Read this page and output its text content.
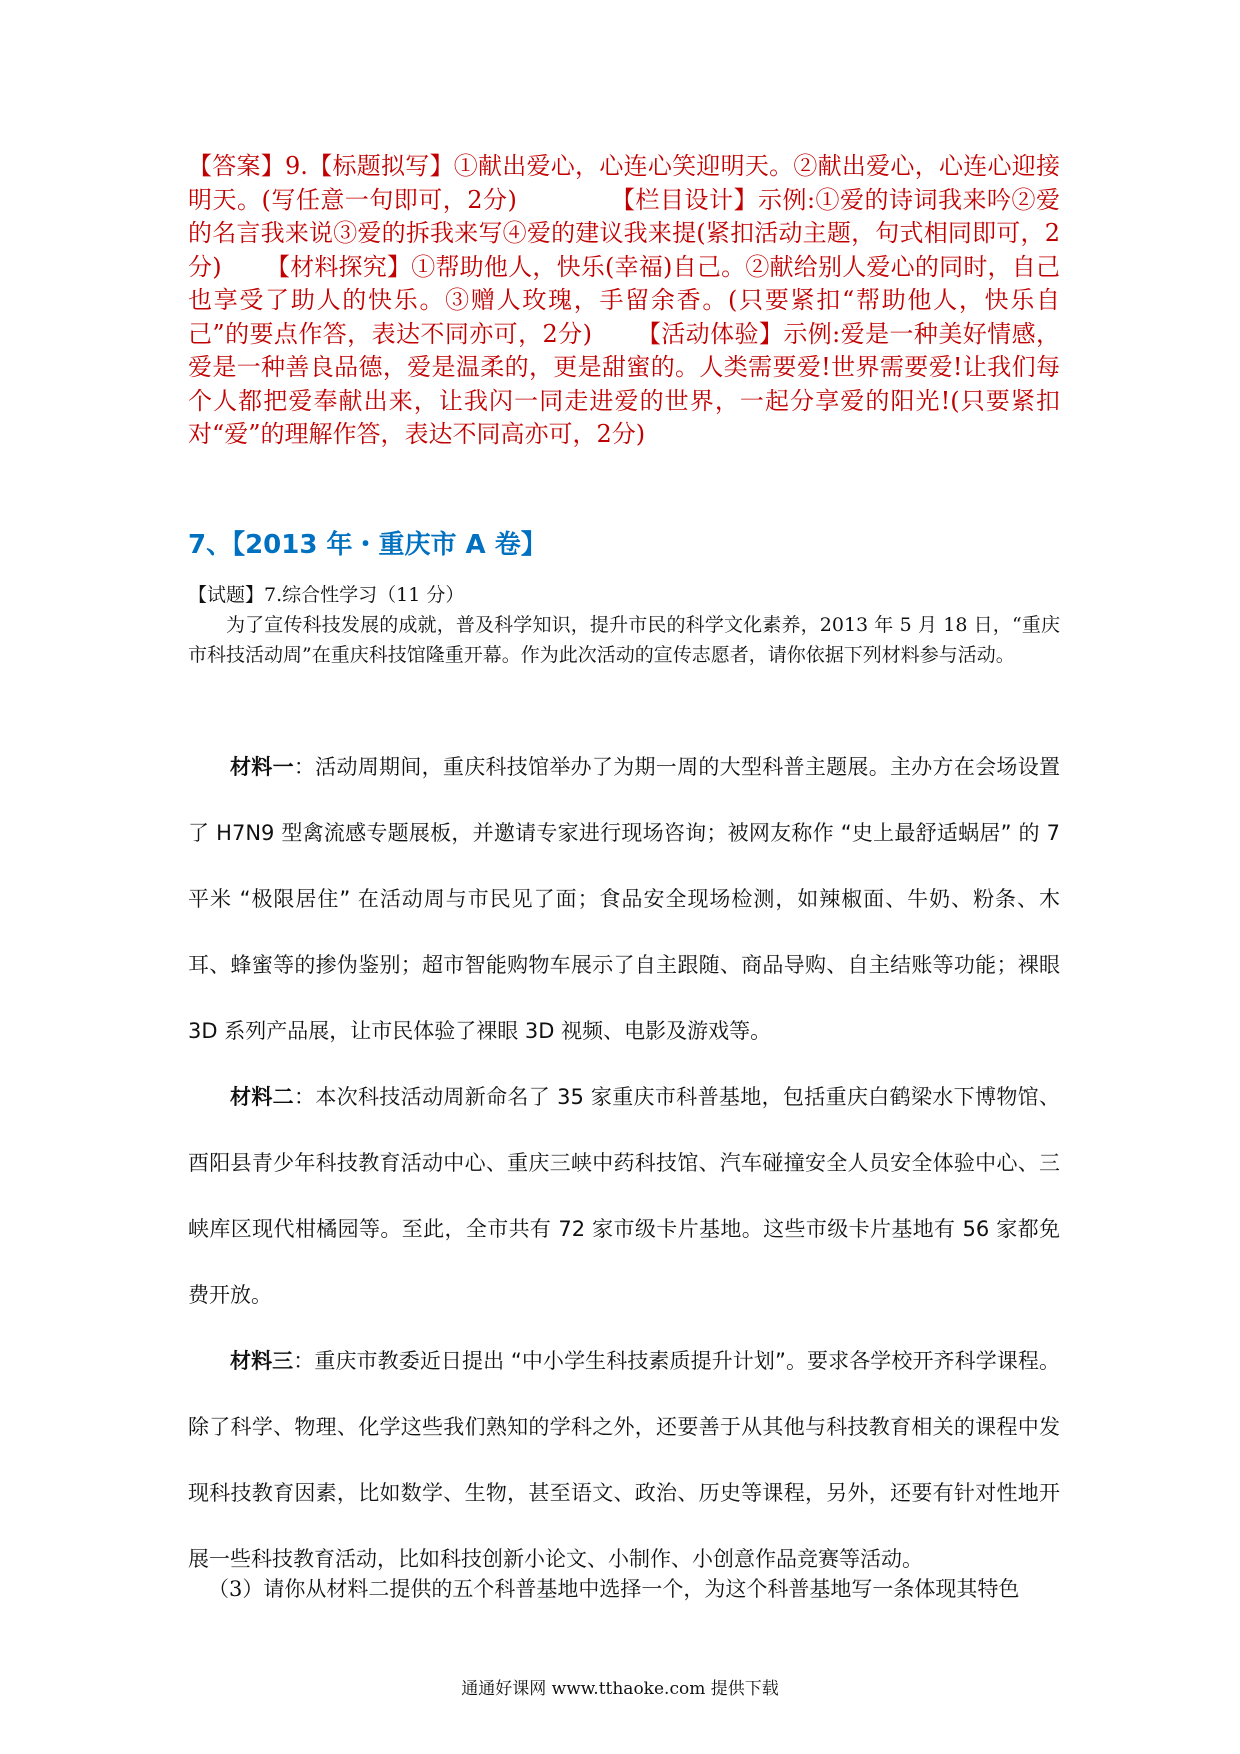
【答案】9.【标题拟写】①献出爱心，心连心笑迎明天。②献出爱心，心连心迎接明天。(写任意一句即可，2分) 　　　　【栏目设计】示例:①爱的诗词我来吟②爱的名言我来说③爱的拆我来写④爱的建议我来提(紧扣活动主题，句式相同即可，2分) 　　【材料探究】①帮助他人，快乐(幸福)自己。②献给别人爱心的同时，自己也享受了助人的快乐。③赠人玫瑰，手留余香。(只要紧扣“帮助他人，快乐自己”的要点作答，表达不同亦可，2分) 　　【活动体验】示例:爱是一种美好情感，爱是一种善良品德，爱是温柔的，更是甜蜜的。人类需要爱!世界需要爱!让我们每个人都把爱奉献出来，让我闪一同走进爱的世界，一起分享爱的阳光!(只要紧扣对“爱”的理解作答，表达不同高亦可，2分)

7、【2013 年・重庆市 A 卷】
【试题】7.综合性学习（11 分）
为了宣传科技发展的成就，普及科学知识，提升市民的科学文化素养，2013 年 5 月 18 日，“重庆市科技活动周”在重庆科技馆隆重开幕。作为此次活动的宣传志愿者，请你依据下列材料参与活动。

材料一：活动周期间，重庆科技馆举办了为期一周的大型科普主题展。主办方在会场设置了 H7N9 型禽流感专题展板，并邀请专家进行现场咨询；被网友称作 “史上最舒适蜗居” 的 7 平米 “极限居住” 在活动周与市民见了面；食品安全现场检测，如辣椒面、牛奶、粉条、木耳、蜂蜜等的掺伪鉴别；超市智能购物车展示了自主跟随、商品导购、自主结账等功能；裸眼 3D 系列产品展，让市民体验了裸眼 3D 视频、电影及游戏等。

材料二：本次科技活动周新命名了 35 家重庆市科普基地，包括重庆白鹤梁水下博物馆、酉阳县青少年科技教育活动中心、重庆三峡中药科技馆、汽车碰撞安全人员安全体验中心、三峡库区现代柑橘园等。至此，全市共有 72 家市级卡片基地。这些市级卡片基地有 56 家都免费开放。

材料三：重庆市教委近日提出 “中小学生科技素质提升计划”。要求各学校开齐科学课程。除了科学、物理、化学这些我们熟知的学科之外，还要善于从其他与科技教育相关的课程中发现科技教育因素，比如数学、生物，甚至语文、政治、历史等课程，另外，还要有针对性地开展一些科技教育活动，比如科技创新小论文、小制作、小创意作品竞赛等活动。

（3）请你从材料二提供的五个科普基地中选择一个，为这个科普基地写一条体现其特色

通通好课网 www.tthaoke.com 提供下载
